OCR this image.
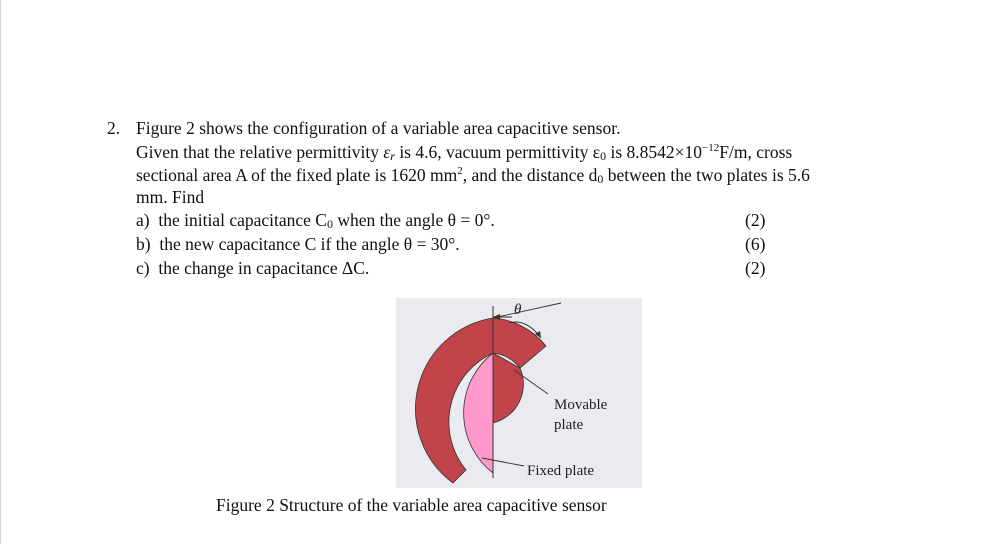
2. Figure 2 shows the configuration of a variable area capacitive sensor.
Given that the relative permittivity $\varepsilon_r$ is 4.6, vacuum permittivity $\varepsilon_0$ is $8.8542\times 10^{-12}F/m$, cross
sectional area A of the fixed plate is 1620 $mm^2$, and the distance $d_0$ between the two plates is 5.6
mm. Find
a) the initial capacitance $C_0$ when the angle θ = 0°.	(2)
b) the new capacitance C if the angle θ = 30°.	(6)
c) the change in capacitance ΔC.	(2)
θ
Movable
plate
Fixed plate
Figure 2 Structure of the variable area capacitive sensor
